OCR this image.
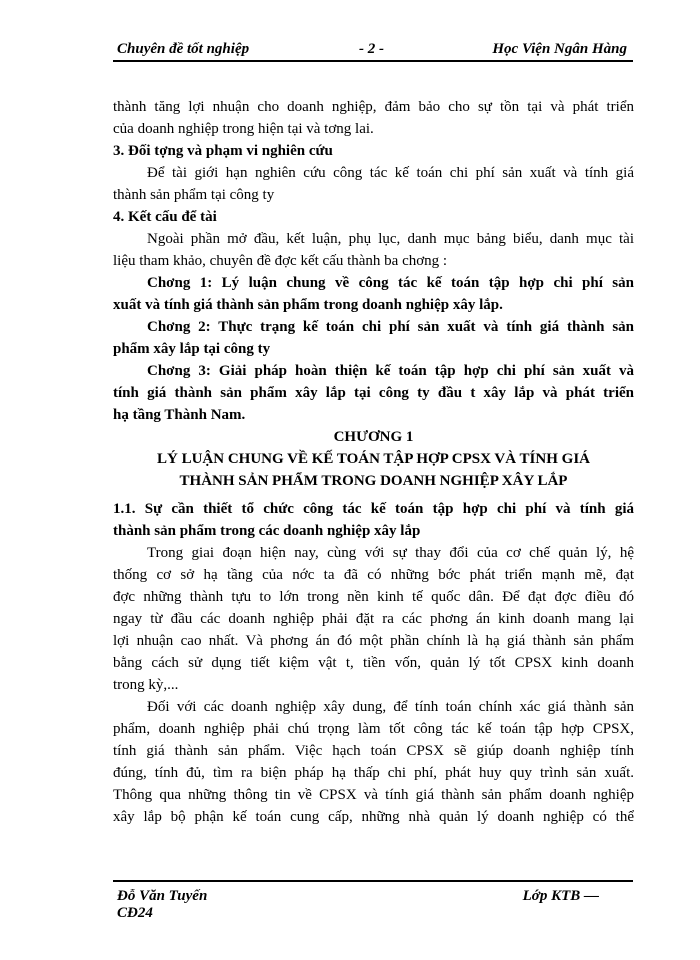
Chuyên đề tốt nghiệp	- 2 -	Học Viện Ngân Hàng
thành tăng lợi nhuận cho doanh nghiệp, đảm bảo cho sự tồn tại và phát triển
của doanh nghiệp trong hiện tại và tơng lai.
3. Đối tợng và phạm vi nghiên cứu
Để tài giới hạn nghiên cứu công tác kế toán chi phí sản xuất và tính giá
thành sản phẩm tại công ty
4. Kết cấu để tài
Ngoài phần mở đầu, kết luận, phụ lục, danh mục bảng biểu, danh mục tài
liệu tham khảo, chuyên đề đợc kết cấu thành ba chơng :
Chơng 1: Lý luận chung về công tác kế toán tập hợp chi phí sản
xuất và tính giá thành sản phẩm trong doanh nghiệp xây lắp.
Chơng 2: Thực trạng kế toán chi phí sản xuất và tính giá thành sản
phẩm xây lắp tại công ty
Chơng 3: Giải pháp hoàn thiện kế toán tập hợp chi phí sản xuất và
tính giá thành sản phẩm xây lắp tại công ty đầu t xây lắp và phát triển
hạ tầng Thành Nam.
CHƯƠNG 1
LÝ LUẬN CHUNG VỀ KẾ TOÁN TẬP HỢP CPSX VÀ TÍNH GIÁ
THÀNH SẢN PHẨM TRONG DOANH NGHIỆP XÂY LẮP
1.1. Sự cần thiết tổ chức công tác kế toán tập hợp chi phí và tính giá
thành sản phẩm trong các doanh nghiệp xây lắp
Trong giai đoạn hiện nay, cùng với sự thay đổi của cơ chế quản lý, hệ
thống cơ sở hạ tầng của nớc ta đã có những bớc phát triển mạnh mẽ, đạt
đợc những thành tựu to lớn trong nền kinh tế quốc dân. Để đạt đợc điều đó
ngay từ đầu các doanh nghiệp phải đặt ra các phơng án kinh doanh mang lại
lợi nhuận cao nhất. Và phơng án đó một phần chính là hạ giá thành sản phẩm
bằng cách sử dụng tiết kiệm vật t, tiền vốn, quản lý tốt CPSX kinh doanh
trong kỳ,...
Đối với các doanh nghiệp xây dung, để tính toán chính xác giá thành sản
phẩm, doanh nghiệp phải chú trọng làm tốt công tác kế toán tập hợp CPSX,
tính giá thành sản phẩm. Việc hạch toán CPSX sẽ giúp doanh nghiệp tính
đúng, tính đủ, tìm ra biện pháp hạ thấp chi phí, phát huy quy trình sản xuất.
Thông qua những thông tin về CPSX và tính giá thành sản phẩm doanh nghiệp
xây lắp bộ phận kế toán cung cấp, những nhà quản lý doanh nghiệp có thể
Đỗ Văn Tuyến
CĐ24
Lớp KTB —
